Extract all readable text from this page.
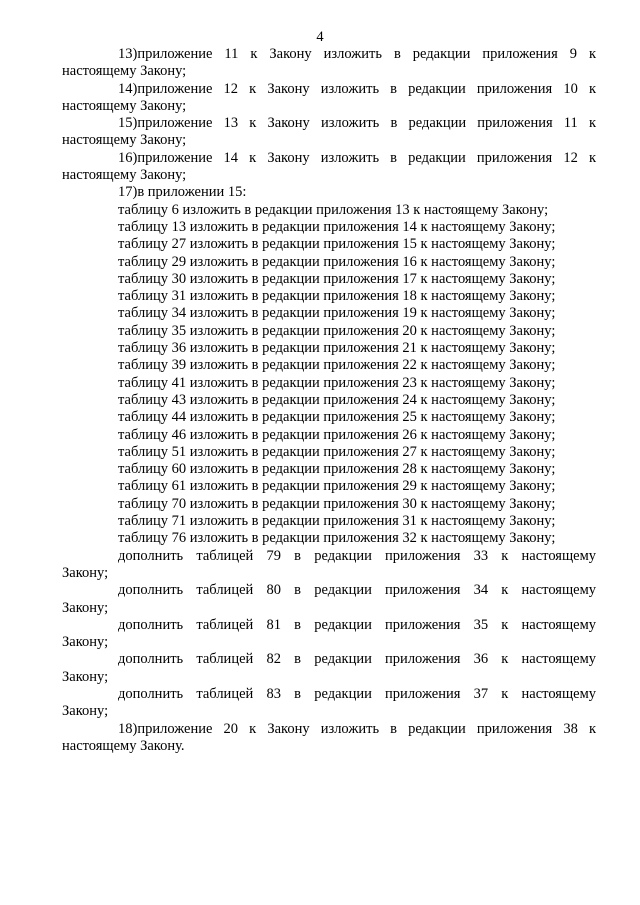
4

13)приложение 11 к Закону изложить в редакции приложения 9 к
настоящему Закону;

14)приложение 12 к Закону изложить в редакции приложения 10 к
настоящему Закону;

15)приложение 13 к Закону изложить в редакции приложения 11 к
настоящему Закону;

16)приложение 14 к Закону изложить в редакции приложения 12 к
настоящему Закону;

17)в приложении 15:

таблицу 6 изложить в редакции приложения 13 к настоящему Закону;

таблицу 13 изложить в редакции приложения 14 к настоящему Закону;

таблицу 27 изложить в редакции приложения 15 к настоящему Закону;

таблицу 29 изложить в редакции приложения 16 к настоящему Закону;

таблицу 30 изложить в редакции приложения 17 к настоящему Закону;

таблицу 31 изложить в редакции приложения 18 к настоящему Закону;

таблицу 34 изложить в редакции приложения 19 к настоящему Закону;

таблицу 35 изложить в редакции приложения 20 к настоящему Закону;

таблицу 36 изложить в редакции приложения 21 к настоящему Закону;

таблицу 39 изложить в редакции приложения 22 к настоящему Закону;

таблицу 41 изложить в редакции приложения 23 к настоящему Закону;

таблицу 43 изложить в редакции приложения 24 к настоящему Закону;

таблицу 44 изложить в редакции приложения 25 к настоящему Закону;

таблицу 46 изложить в редакции приложения 26 к настоящему Закону;

таблицу 51 изложить в редакции приложения 27 к настоящему Закону;

таблицу 60 изложить в редакции приложения 28 к настоящему Закону;

таблицу 61 изложить в редакции приложения 29 к настоящему Закону;

таблицу 70 изложить в редакции приложения 30 к настоящему Закону;

таблицу 71 изложить в редакции приложения 31 к настоящему Закону;

таблицу 76 изложить в редакции приложения 32 к настоящему Закону;

дополнить таблицей 79 в редакции приложения 33 к настоящему
Закону;

дополнить таблицей 80 в редакции приложения 34 к настоящему
Закону;

дополнить таблицей 81 в редакции приложения 35 к настоящему
Закону;

дополнить таблицей 82 в редакции приложения 36 к настоящему
Закону;

дополнить таблицей 83 в редакции приложения 37 к настоящему
Закону;

18)приложение 20 к Закону изложить в редакции приложения 38 к
настоящему Закону.
